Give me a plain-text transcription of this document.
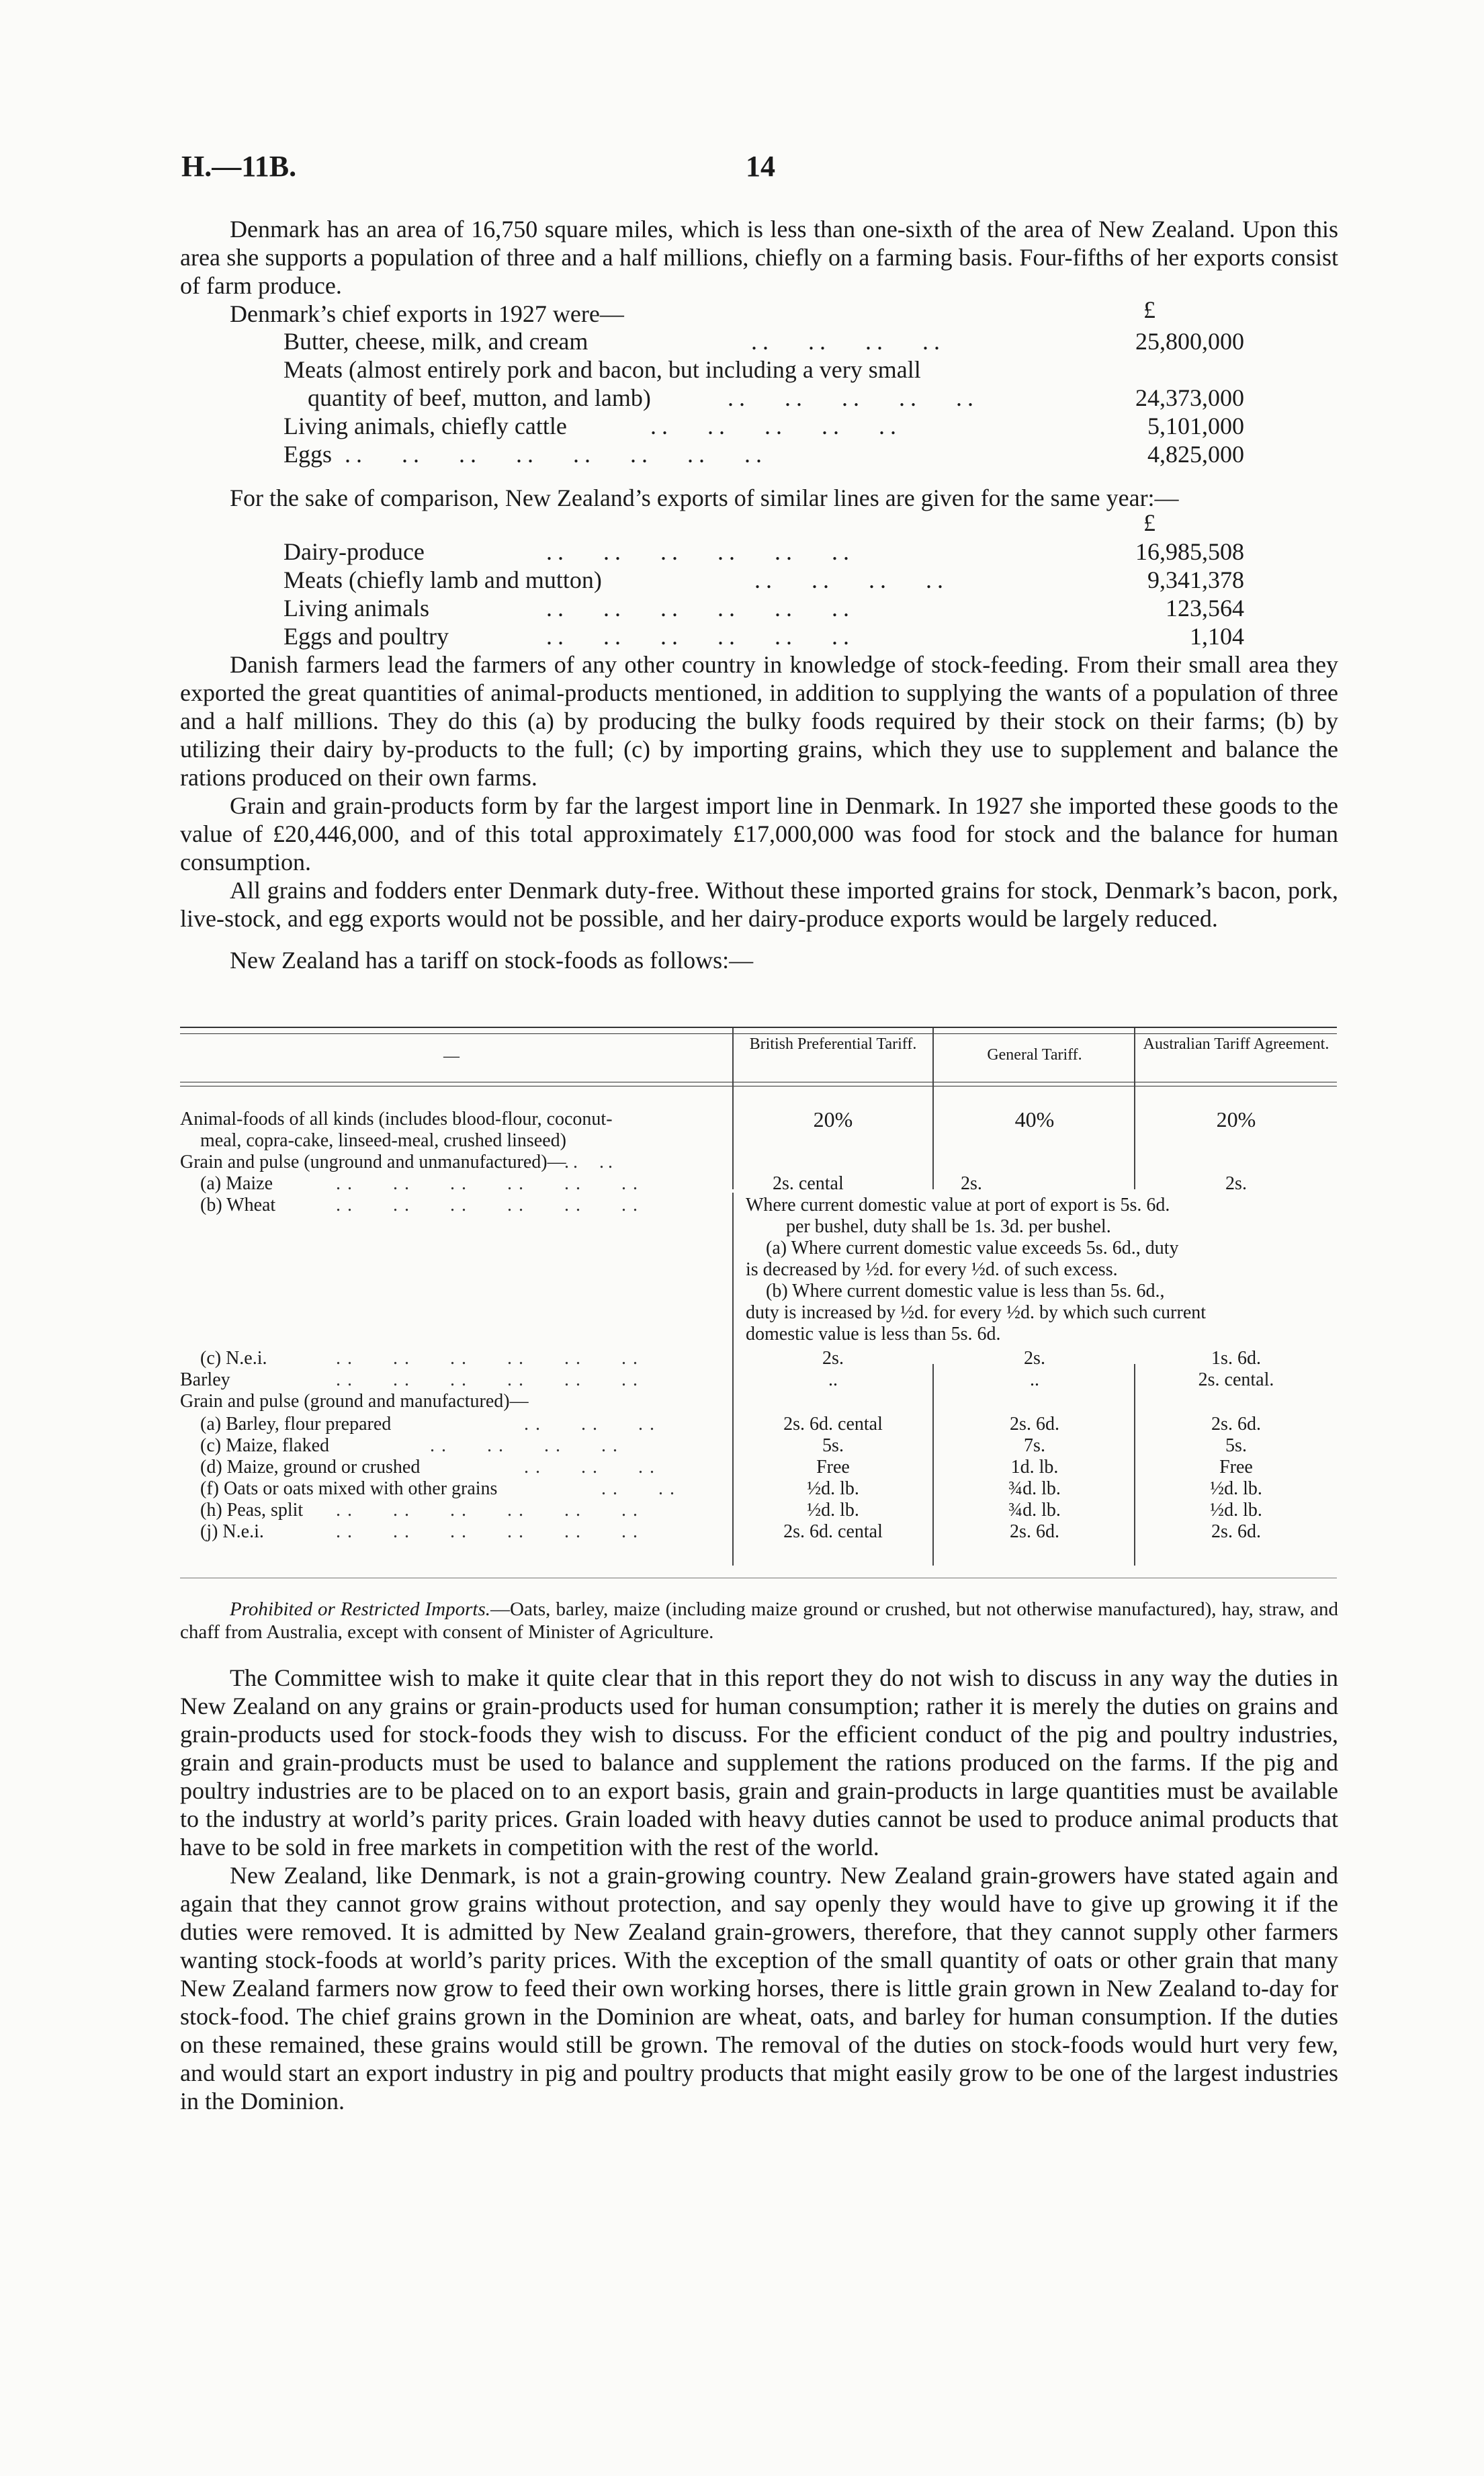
H.—11B.	14

Denmark has an area of 16,750 square miles, which is less than one-sixth of the area of New Zealand. Upon this area she supports a population of three and a half millions, chiefly on a farming basis. Four-fifths of her exports consist of farm produce.

Denmark’s chief exports in 1927 were—	£
Butter, cheese, milk, and cream	..   ..   ..   ..	25,800,000
Meats (almost entirely pork and bacon, but including a very small
quantity of beef, mutton, and lamb)	..   ..   ..   ..   ..	24,373,000
Living animals, chiefly cattle	..   ..   ..   ..   ..	5,101,000
Eggs ..   ..   ..   ..   ..   ..   ..   ..	4,825,000

For the sake of comparison, New Zealand’s exports of similar lines are given for the same year:—

£
Dairy-produce	..   ..   ..   ..   ..   ..	16,985,508
Meats (chiefly lamb and mutton)	..   ..   ..   ..	9,341,378
Living animals	..   ..   ..   ..   ..   ..	123,564
Eggs and poultry	..   ..   ..   ..   ..   ..	1,104

Danish farmers lead the farmers of any other country in knowledge of stock-feeding. From their small area they exported the great quantities of animal-products mentioned, in addition to supplying the wants of a population of three and a half millions. They do this (a) by producing the bulky foods required by their stock on their farms; (b) by utilizing their dairy by-products to the full; (c) by importing grains, which they use to supplement and balance the rations produced on their own farms.

Grain and grain-products form by far the largest import line in Denmark. In 1927 she imported these goods to the value of £20,446,000, and of this total approximately £17,000,000 was food for stock and the balance for human consumption.

All grains and fodders enter Denmark duty-free. Without these imported grains for stock, Denmark’s bacon, pork, live-stock, and egg exports would not be possible, and her dairy-produce exports would be largely reduced.

New Zealand has a tariff on stock-foods as follows:—

—
British Preferential Tariff.
General Tariff.
Australian Tariff Agreement.
Animal-foods of all kinds (includes blood-flour, coconut-
meal, copra-cake, linseed-meal, crushed linseed)
20%	40%	20%
Grain and pulse (unground and unmanufactured)—
(a) Maize	2s. cental	2s.	2s.
(b) Wheat	Where current domestic value at port of export is 5s. 6d.
per bushel, duty shall be 1s. 3d. per bushel.
(a) Where current domestic value exceeds 5s. 6d., duty
is decreased by ½d. for every ½d. of such excess.
(b) Where current domestic value is less than 5s. 6d.,
duty is increased by ½d. for every ½d. by which such current
domestic value is less than 5s. 6d.
(c) N.e.i.	2s.	2s.	1s. 6d.
Barley	..	..	2s. cental.
Grain and pulse (ground and manufactured)—
(a) Barley, flour prepared	2s. 6d. cental	2s. 6d.	2s. 6d.
(c) Maize, flaked	5s.	7s.	5s.
(d) Maize, ground or crushed	Free	1d. lb.	Free
(f) Oats or oats mixed with other grains	½d. lb.	¾d. lb.	½d. lb.
(h) Peas, split	½d. lb.	¾d. lb.	½d. lb.
(j) N.e.i.	2s. 6d. cental	2s. 6d.	2s. 6d.
..  ..
..   ..   ..   ..   ..   ..
..   ..   ..   ..   ..   ..
..   ..   ..   ..   ..   ..
..   ..   ..   ..   ..   ..
..   ..   ..
..   ..   ..   ..
..   ..   ..
..   ..
..   ..   ..   ..   ..   ..
..   ..   ..   ..   ..   ..

Prohibited or Restricted Imports.—Oats, barley, maize (including maize ground or crushed, but not otherwise manufactured), hay, straw, and chaff from Australia, except with consent of Minister of Agriculture.

The Committee wish to make it quite clear that in this report they do not wish to discuss in any way the duties in New Zealand on any grains or grain-products used for human consumption; rather it is merely the duties on grains and grain-products used for stock-foods they wish to discuss. For the efficient conduct of the pig and poultry industries, grain and grain-products must be used to balance and supplement the rations produced on the farms. If the pig and poultry industries are to be placed on to an export basis, grain and grain-products in large quantities must be available to the industry at world’s parity prices. Grain loaded with heavy duties cannot be used to produce animal products that have to be sold in free markets in competition with the rest of the world.

New Zealand, like Denmark, is not a grain-growing country. New Zealand grain-growers have stated again and again that they cannot grow grains without protection, and say openly they would have to give up growing it if the duties were removed. It is admitted by New Zealand grain-growers, therefore, that they cannot supply other farmers wanting stock-foods at world’s parity prices. With the exception of the small quantity of oats or other grain that many New Zealand farmers now grow to feed their own working horses, there is little grain grown in New Zealand to-day for stock-food. The chief grains grown in the Dominion are wheat, oats, and barley for human consumption. If the duties on these remained, these grains would still be grown. The removal of the duties on stock-foods would hurt very few, and would start an export industry in pig and poultry products that might easily grow to be one of the largest industries in the Dominion.
